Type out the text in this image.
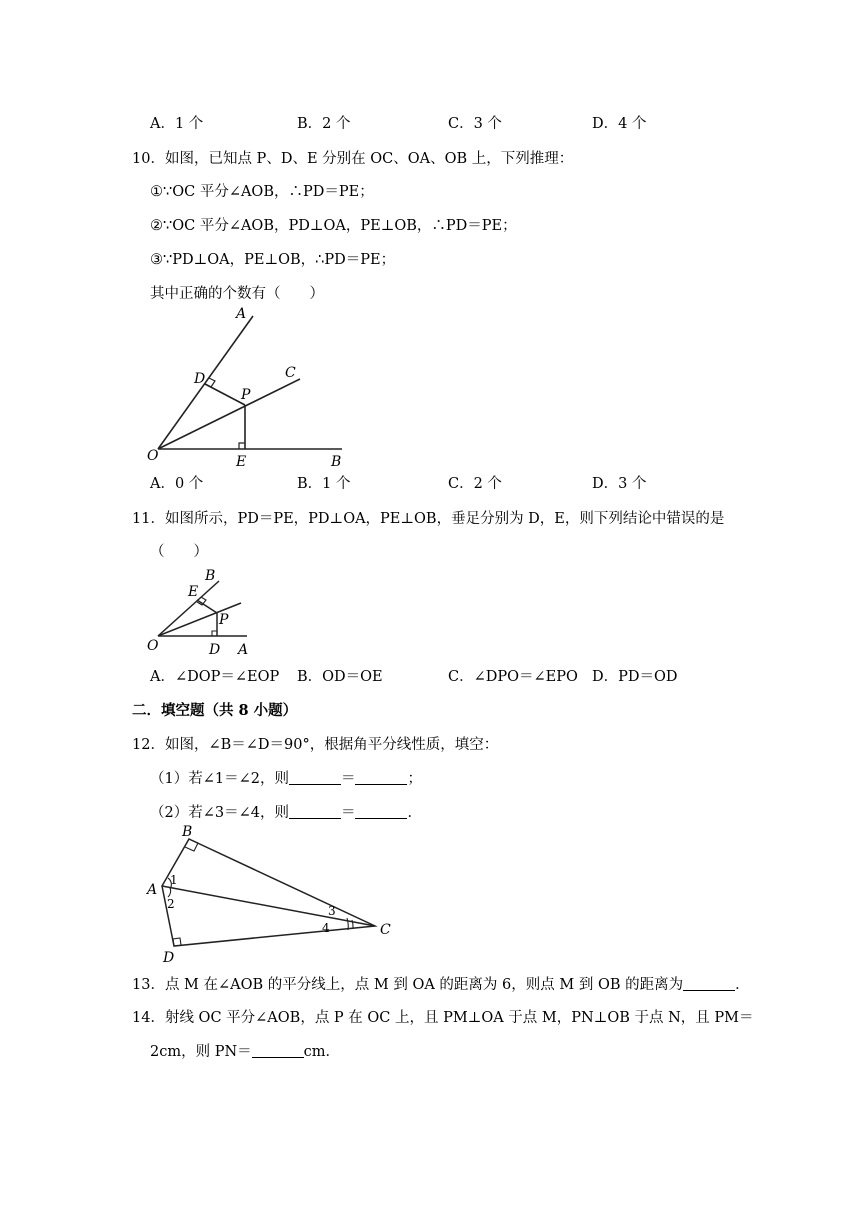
A．1 个	B．2 个	C．3 个	D．4 个
10．如图，已知点 P、D、E 分别在 OC、OA、OB 上，下列推理：
①∵OC 平分∠AOB，∴PD＝PE；
②∵OC 平分∠AOB，PD⊥OA，PE⊥OB，∴PD＝PE；
③∵PD⊥OA，PE⊥OB，∴PD＝PE；
其中正确的个数有（　　）
A
C
D
P
O	E	B
A．0 个	B．1 个	C．2 个	D．3 个
11．如图所示，PD＝PE，PD⊥OA，PE⊥OB，垂足分别为 D，E，则下列结论中错误的是
（　　）
B
E
P
O	D A
A．∠DOP＝∠EOP B．OD＝OE	C．∠DPO＝∠EPO D．PD＝OD
二．填空题（共 8 小题）
12．如图，∠B＝∠D＝90°，根据角平分线性质，填空：
（1）若∠1＝∠2，则	＝	；
（2）若∠3＝∠4，则	＝	．
B
A
D
C
1
2	3
4
13．点 M 在∠AOB 的平分线上，点 M 到 OA 的距离为 6，则点 M 到 OB 的距离为	．
14．射线 OC 平分∠AOB，点 P 在 OC 上，且 PM⊥OA 于点 M，PN⊥OB 于点 N，且 PM＝
2cm，则 PN＝	cm．
